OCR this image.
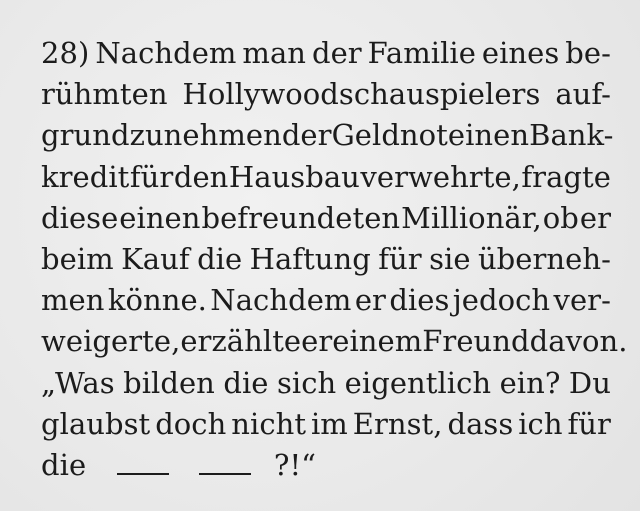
28) Nachdem man der Familie eines be-
rühmten Hollywoodschauspielers auf-
grund zunehmender Geldnot einen Bank-
kredit für den Hausbau verwehrte, fragte
diese einen befreundeten Millionär, ob er
beim Kauf die Haftung für sie überneh-
men könne. Nachdem er dies jedoch ver-
weigerte, erzählte er einem Freund davon.
„Was bilden die sich eigentlich ein? Du
glaubst doch nicht im Ernst, dass ich für
die	?!“
